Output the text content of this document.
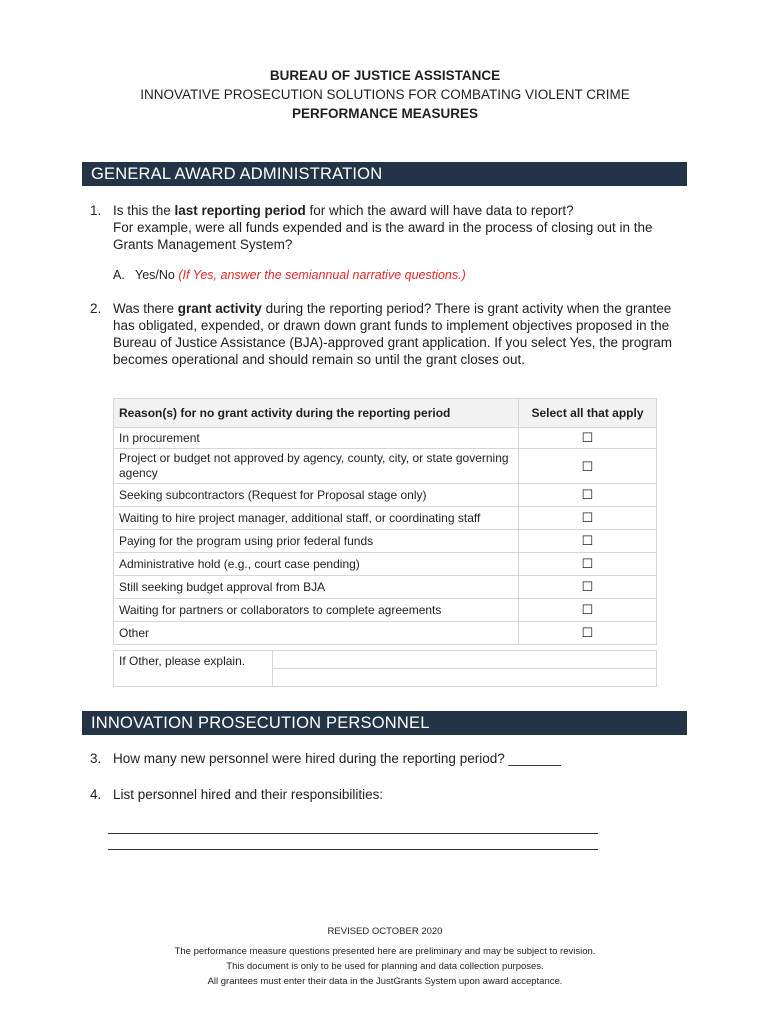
BUREAU OF JUSTICE ASSISTANCE
INNOVATIVE PROSECUTION SOLUTIONS FOR COMBATING VIOLENT CRIME
PERFORMANCE MEASURES
GENERAL AWARD ADMINISTRATION
1. Is this the last reporting period for which the award will have data to report?
For example, were all funds expended and is the award in the process of closing out in the Grants Management System?
A. Yes/No (If Yes, answer the semiannual narrative questions.)
2. Was there grant activity during the reporting period? There is grant activity when the grantee has obligated, expended, or drawn down grant funds to implement objectives proposed in the Bureau of Justice Assistance (BJA)-approved grant application. If you select Yes, the program becomes operational and should remain so until the grant closes out.
Reason(s) for no grant activity during the reporting period	Select all that apply
In procurement	☐
Project or budget not approved by agency, county, city, or state governing agency	☐
Seeking subcontractors (Request for Proposal stage only)	☐
Waiting to hire project manager, additional staff, or coordinating staff	☐
Paying for the program using prior federal funds	☐
Administrative hold (e.g., court case pending)	☐
Still seeking budget approval from BJA	☐
Waiting for partners or collaborators to complete agreements	☐
Other	☐
If Other, please explain.
INNOVATION PROSECUTION PERSONNEL
3. How many new personnel were hired during the reporting period? _______
4. List personnel hired and their responsibilities:
REVISED OCTOBER 2020
The performance measure questions presented here are preliminary and may be subject to revision.
This document is only to be used for planning and data collection purposes.
All grantees must enter their data in the JustGrants System upon award acceptance.
